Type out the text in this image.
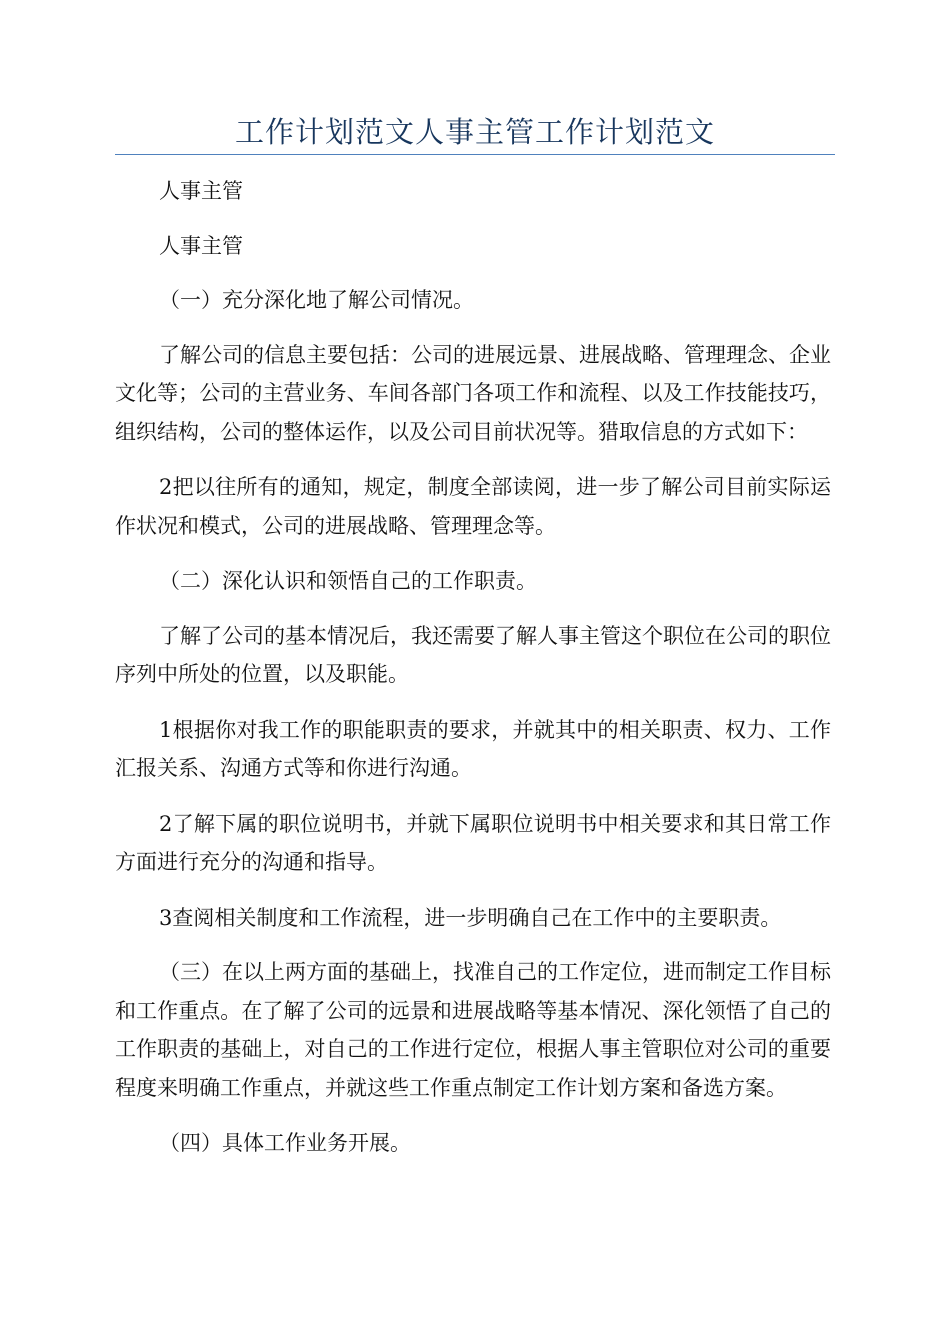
工作计划范文人事主管工作计划范文

人事主管

人事主管

（一）充分深化地了解公司情况。

了解公司的信息主要包括：公司的进展远景、进展战略、管理理念、企业文化等；公司的主营业务、车间各部门各项工作和流程、以及工作技能技巧，组织结构，公司的整体运作，以及公司目前状况等。猎取信息的方式如下：

2把以往所有的通知，规定，制度全部读阅，进一步了解公司目前实际运作状况和模式，公司的进展战略、管理理念等。

（二）深化认识和领悟自己的工作职责。

了解了公司的基本情况后，我还需要了解人事主管这个职位在公司的职位序列中所处的位置，以及职能。

1根据你对我工作的职能职责的要求，并就其中的相关职责、权力、工作汇报关系、沟通方式等和你进行沟通。

2了解下属的职位说明书，并就下属职位说明书中相关要求和其日常工作方面进行充分的沟通和指导。

3查阅相关制度和工作流程，进一步明确自己在工作中的主要职责。

（三）在以上两方面的基础上，找准自己的工作定位，进而制定工作目标和工作重点。在了解了公司的远景和进展战略等基本情况、深化领悟了自己的工作职责的基础上，对自己的工作进行定位，根据人事主管职位对公司的重要程度来明确工作重点，并就这些工作重点制定工作计划方案和备选方案。

（四）具体工作业务开展。
